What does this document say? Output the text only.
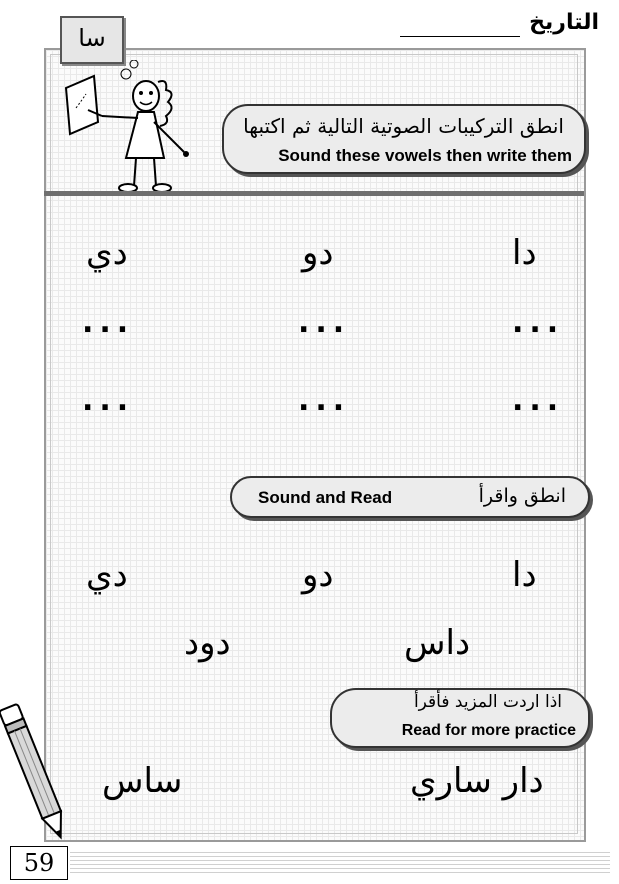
التاريخ
سا
انطق التركيبات الصوتية التالية ثم اكتبها
Sound these vowels then write them
دا
دو
دي
...
...
...
...
...
...
انطق واقرأ
Sound and Read
دا
دو
دي
داس
دود
اذا اردت المزيد فأقرأ
Read for more practice
دار ساري
ساس
59
